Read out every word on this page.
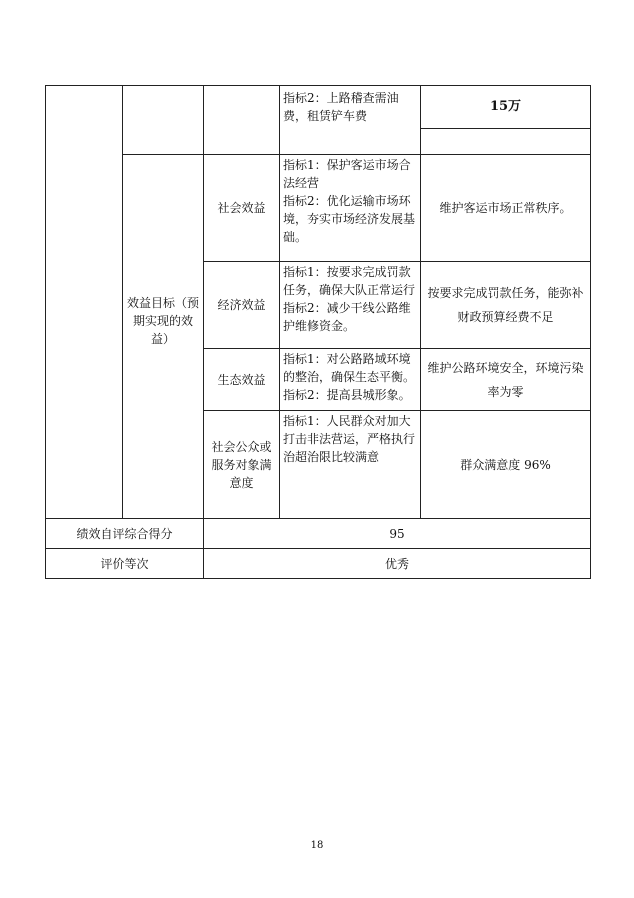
指标2：上路稽查需油费，租赁铲车费
15万
效益目标（预期实现的效益）
社会效益
指标1：保护客运市场合法经营
指标2：优化运输市场环境，夯实市场经济发展基础。
维护客运市场正常秩序。
经济效益
指标1：按要求完成罚款任务，确保大队正常运行
指标2：减少干线公路维护维修资金。
按要求完成罚款任务，能弥补财政预算经费不足
生态效益
指标1：对公路路域环境的整治，确保生态平衡。
指标2：提高县城形象。
维护公路环境安全，环境污染率为零
社会公众或服务对象满意度
指标1：人民群众对加大打击非法营运，严格执行治超治限比较满意
群众满意度 96%
绩效自评综合得分	95
评价等次	优秀
18
